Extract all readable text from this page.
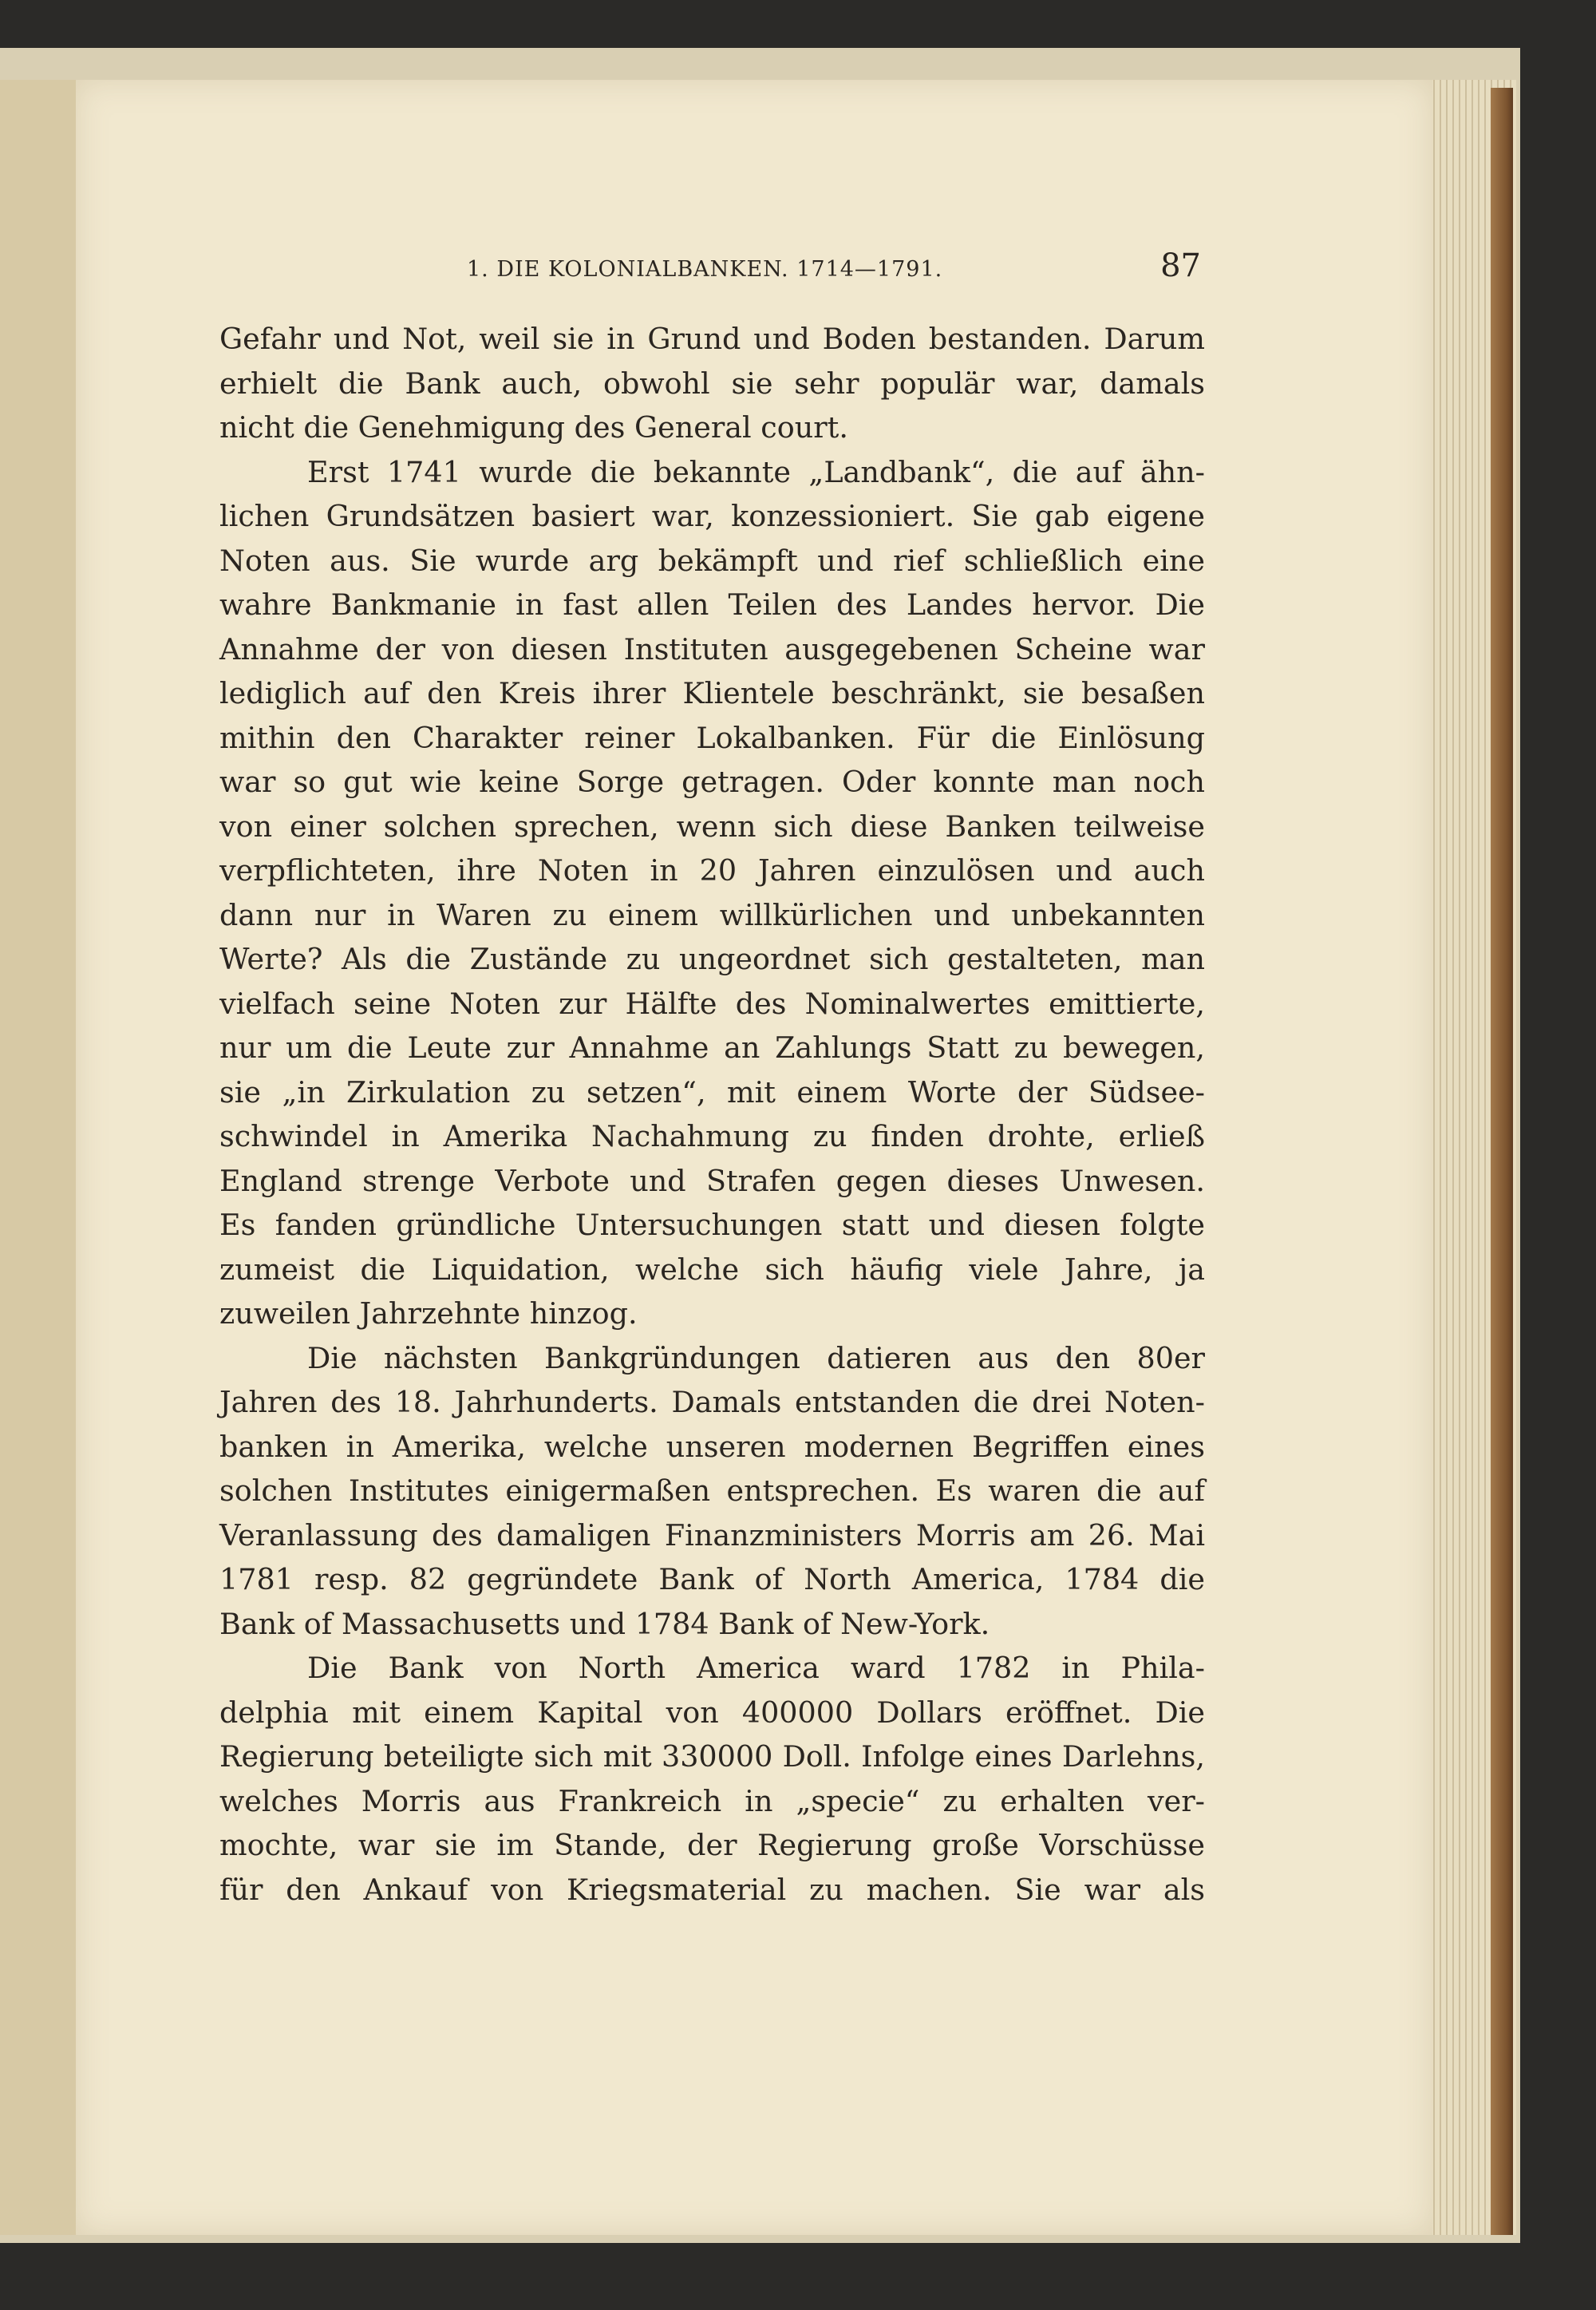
1. DIE KOLONIALBANKEN. 1714—1791.	87
Gefahr und Not, weil sie in Grund und Boden bestanden. Darum
erhielt die Bank auch, obwohl sie sehr populär war, damals
nicht die Genehmigung des General court.
Erst 1741 wurde die bekannte „Landbank“, die auf ähn-
lichen Grundsätzen basiert war, konzessioniert. Sie gab eigene
Noten aus. Sie wurde arg bekämpft und rief schließlich eine
wahre Bankmanie in fast allen Teilen des Landes hervor. Die
Annahme der von diesen Instituten ausgegebenen Scheine war
lediglich auf den Kreis ihrer Klientele beschränkt, sie besaßen
mithin den Charakter reiner Lokalbanken. Für die Einlösung
war so gut wie keine Sorge getragen. Oder konnte man noch
von einer solchen sprechen, wenn sich diese Banken teilweise
verpflichteten, ihre Noten in 20 Jahren einzulösen und auch
dann nur in Waren zu einem willkürlichen und unbekannten
Werte? Als die Zustände zu ungeordnet sich gestalteten, man
vielfach seine Noten zur Hälfte des Nominalwertes emittierte,
nur um die Leute zur Annahme an Zahlungs Statt zu bewegen,
sie „in Zirkulation zu setzen“, mit einem Worte der Südsee-
schwindel in Amerika Nachahmung zu finden drohte, erließ
England strenge Verbote und Strafen gegen dieses Unwesen.
Es fanden gründliche Untersuchungen statt und diesen folgte
zumeist die Liquidation, welche sich häufig viele Jahre, ja
zuweilen Jahrzehnte hinzog.
Die nächsten Bankgründungen datieren aus den 80er
Jahren des 18. Jahrhunderts. Damals entstanden die drei Noten-
banken in Amerika, welche unseren modernen Begriffen eines
solchen Institutes einigermaßen entsprechen. Es waren die auf
Veranlassung des damaligen Finanzministers Morris am 26. Mai
1781 resp. 82 gegründete Bank of North America, 1784 die
Bank of Massachusetts und 1784 Bank of New-York.
Die Bank von North America ward 1782 in Phila-
delphia mit einem Kapital von 400000 Dollars eröffnet. Die
Regierung beteiligte sich mit 330000 Doll. Infolge eines Darlehns,
welches Morris aus Frankreich in „specie“ zu erhalten ver-
mochte, war sie im Stande, der Regierung große Vorschüsse
für den Ankauf von Kriegsmaterial zu machen. Sie war als
